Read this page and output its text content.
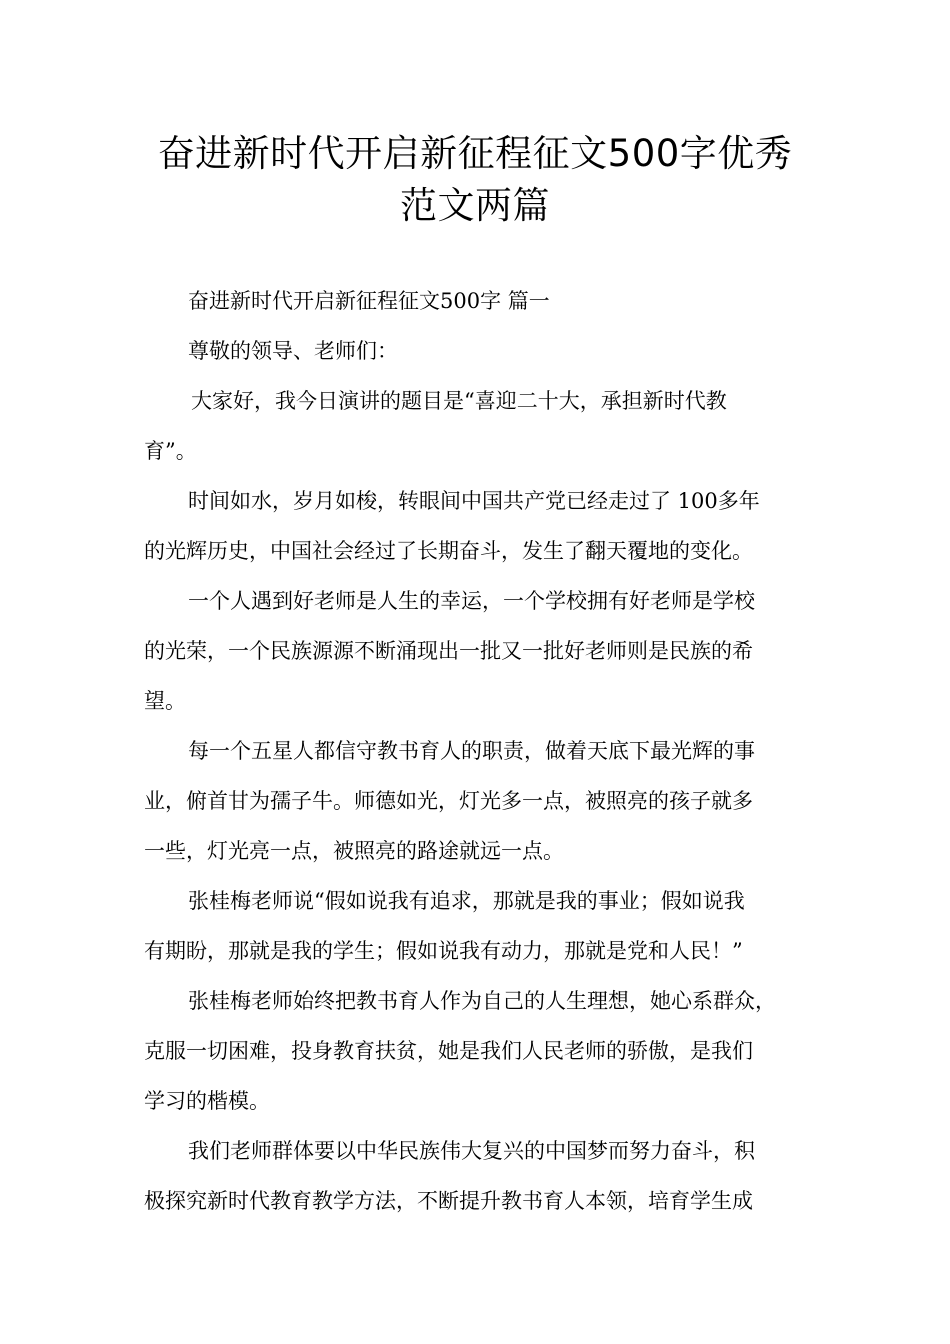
奋进新时代开启新征程征文500字优秀
范文两篇
奋进新时代开启新征程征文500字 篇一
尊敬的领导、老师们：
大家好，我今日演讲的题目是“喜迎二十大，承担新时代教
育”。
时间如水，岁月如梭，转眼间中国共产党已经走过了 100多年
的光辉历史，中国社会经过了长期奋斗，发生了翻天覆地的变化。
一个人遇到好老师是人生的幸运，一个学校拥有好老师是学校
的光荣，一个民族源源不断涌现出一批又一批好老师则是民族的希
望。
每一个五星人都信守教书育人的职责，做着天底下最光辉的事
业，俯首甘为孺子牛。师德如光，灯光多一点，被照亮的孩子就多
一些，灯光亮一点，被照亮的路途就远一点。
张桂梅老师说“假如说我有追求，那就是我的事业；假如说我
有期盼，那就是我的学生；假如说我有动力，那就是党和人民！”
张桂梅老师始终把教书育人作为自己的人生理想，她心系群众，
克服一切困难，投身教育扶贫，她是我们人民老师的骄傲，是我们
学习的楷模。
我们老师群体要以中华民族伟大复兴的中国梦而努力奋斗，积
极探究新时代教育教学方法，不断提升教书育人本领，培育学生成
